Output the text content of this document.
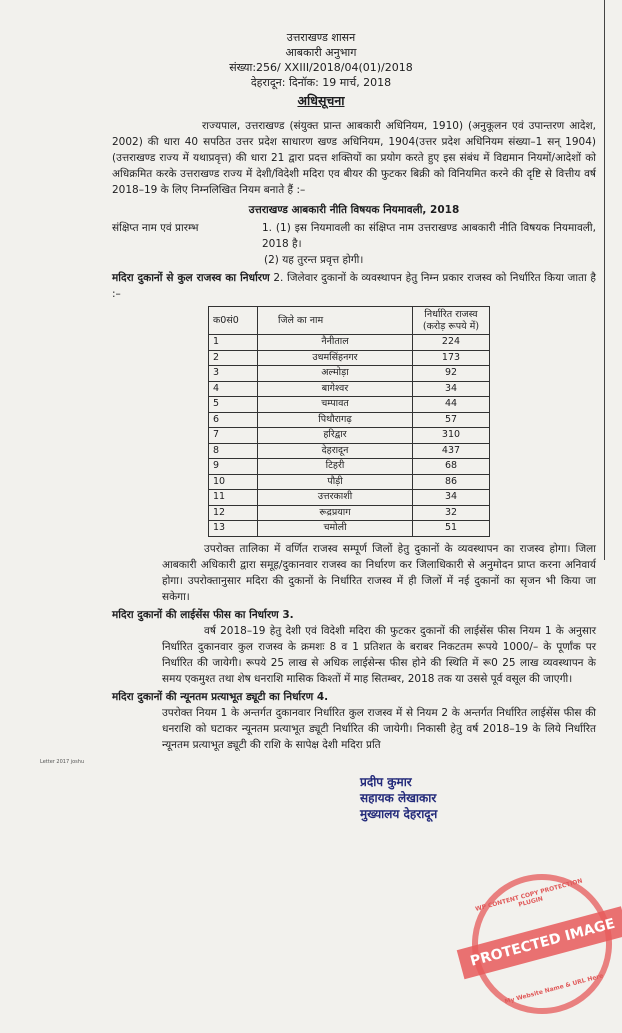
उत्तराखण्ड शासन
आबकारी अनुभाग
संख्या:256/ XXIII/2018/04(01)/2018
देहरादून: दिनॉक: 19 मार्च, 2018
अधिसूचना
राज्यपाल, उत्तराखण्ड (संयुक्त प्रान्त आबकारी अधिनियम, 1910) (अनुकूलन एवं उपान्तरण आदेश, 2002) की धारा 40 सपठित उत्तर प्रदेश साधारण खण्ड अधिनियम, 1904(उत्तर प्रदेश अधिनियम संख्या–1 सन् 1904)(उत्तराखण्ड राज्य में यथाप्रवृत्त) की धारा 21 द्वारा प्रदत्त शक्तियों का प्रयोग करते हुए इस संबंध में विद्यमान नियमों/आदेशों को अधिक्रमित करके उत्तराखण्ड राज्य में देशी/विदेशी मदिरा एव बीयर की फुटकर बिक्री को विनियमित करने की दृष्टि से वित्तीय वर्ष 2018–19 के लिए निम्नलिखित नियम बनाते हैं :–
उत्तराखण्ड आबकारी नीति विषयक नियमावली, 2018
संक्षिप्त नाम एवं प्रारम्भ	1. (1) इस नियमावली का संक्षिप्त नाम उत्तराखण्ड आबकारी नीति विषयक नियमावली, 2018 है।
(2) यह तुरन्त प्रवृत्त होगी।
मदिरा दुकानों से कुल राजस्व का निर्धारण 2. जिलेवार दुकानों के व्यवस्थापन हेतु निम्न प्रकार राजस्व को निर्धारित किया जाता है :–
क0सं0	जिले का नाम	निर्धारित राजस्व (करोड़ रूपये में)
1	नैनीताल	224
2	उधमसिंहनगर	173
3	अल्मोड़ा	92
4	बागेश्वर	34
5	चम्पावत	44
6	पिथौरागढ़	57
7	हरिद्वार	310
8	देहरादून	437
9	टिहरी	68
10	पौड़ी	86
11	उत्तरकाशी	34
12	रूद्रप्रयाग	32
13	चमोली	51
उपरोक्त तालिका में वर्णित राजस्व सम्पूर्ण जिलों हेतु दुकानों के व्यवस्थापन का राजस्व होगा। जिला आबकारी अधिकारी द्वारा समूह/दुकानवार राजस्व का निर्धारण कर जिलाधिकारी से अनुमोदन प्राप्त करना अनिवार्य होगा। उपरोक्तानुसार मदिरा की दुकानों के निर्धारित राजस्व में ही जिलों में नई दुकानों का सृजन भी किया जा सकेगा।
मदिरा दुकानों की लाईसेंस फीस का निर्धारण 3.
वर्ष 2018–19 हेतु देशी एवं विदेशी मदिरा की फुटकर दुकानों की लाईसेंस फीस नियम 1 के अनुसार निर्धारित दुकानवार कुल राजस्व के क्रमशः 8 व 1 प्रतिशत के बराबर निकटतम रूपये 1000/– के पूर्णांक पर निर्धारित की जायेगी। रूपये 25 लाख से अधिक लाईसेन्स फीस होने की स्थिति में रू0 25 लाख व्यवस्थापन के समय एकमुश्त तथा शेष धनराशि मासिक किश्तों में माह सितम्बर, 2018 तक या उससे पूर्व वसूल की जाएगी।
मदिरा दुकानों की न्यूनतम प्रत्याभूत ड्यूटी का निर्धारण 4.
उपरोक्त नियम 1 के अन्तर्गत दुकानवार निर्धारित कुल राजस्व में से नियम 2 के अन्तर्गत निर्धारित लाईसेंस फीस की धनराशि को घटाकर न्यूनतम प्रत्याभूत ड्यूटी निर्धारित की जायेगी। निकासी हेतु वर्ष 2018–19 के लिये निर्धारित न्यूनतम प्रत्याभूत ड्यूटी की राशि के सापेक्ष देशी मदिरा प्रति
Letter 2017 joshu
प्रदीप कुमार
सहायक लेखाकार
मुख्यालय देहरादून
WP CONTENT COPY PROTECTION PLUGIN
PROTECTED IMAGE
My Website Name & URL Here
